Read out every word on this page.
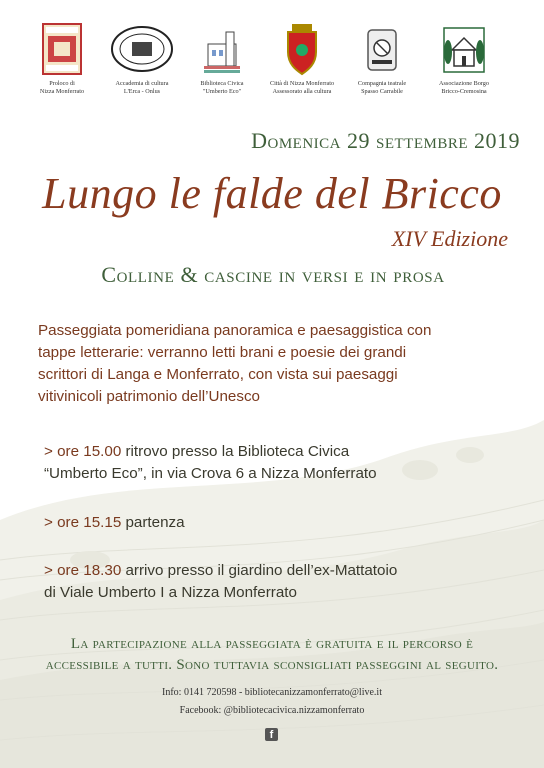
Proloco di
Nizza Monferrato
Accademia di cultura
L'Erca - Onlus
Biblioteca Civica
"Umberto Eco"
Città di Nizza Monferrato
Assessorato alla cultura
Compagnia teatrale
Spasso Carrabile
Associazione Borgo
Bricco-Cremosina
Domenica 29 settembre 2019
Lungo le falde del Bricco
XIV Edizione
Colline & cascine in versi e in prosa
Passeggiata pomeridiana panoramica e paesaggistica con
tappe letterarie: verranno letti brani e poesie dei grandi
scrittori di Langa e Monferrato, con vista sui paesaggi
vitivinicoli patrimonio dell’Unesco
> ore 15.00 ritrovo presso la Biblioteca Civica
“Umberto Eco”, in via Crova 6 a Nizza Monferrato
> ore 15.15 partenza
> ore 18.30 arrivo presso il giardino dell’ex-Mattatoio
di Viale Umberto I a Nizza Monferrato
La partecipazione alla passeggiata è gratuita e il percorso è
accessibile a tutti. Sono tuttavia sconsigliati passeggini al seguito.
Info: 0141 720598 - bibliotecanizzamonferrato@live.it
Facebook: @bibliotecacivica.nizzamonferrato
f
